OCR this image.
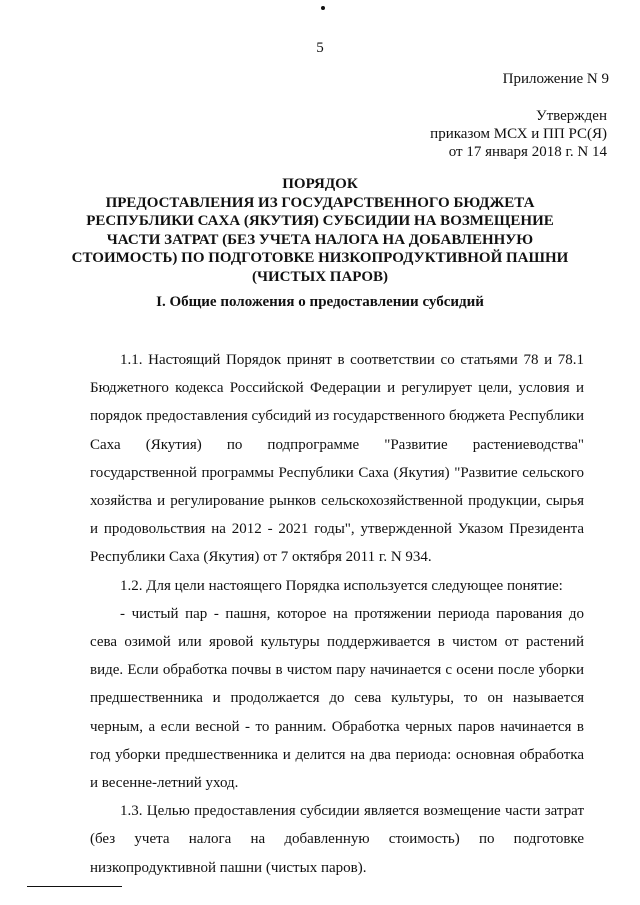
5
Приложение N 9
Утвержден
приказом МСХ и ПП РС(Я)
от 17 января 2018 г. N 14
ПОРЯДОК
ПРЕДОСТАВЛЕНИЯ ИЗ ГОСУДАРСТВЕННОГО БЮДЖЕТА
РЕСПУБЛИКИ САХА (ЯКУТИЯ) СУБСИДИИ НА ВОЗМЕЩЕНИЕ
ЧАСТИ ЗАТРАТ (БЕЗ УЧЕТА НАЛОГА НА ДОБАВЛЕННУЮ
СТОИМОСТЬ) ПО ПОДГОТОВКЕ НИЗКОПРОДУКТИВНОЙ ПАШНИ
(ЧИСТЫХ ПАРОВ)
I. Общие положения о предоставлении субсидий

1.1. Настоящий Порядок принят в соответствии со статьями 78 и 78.1 Бюджетного кодекса Российской Федерации и регулирует цели, условия и порядок предоставления субсидий из государственного бюджета Республики Саха (Якутия) по подпрограмме "Развитие растениеводства" государственной программы Республики Саха (Якутия) "Развитие сельского хозяйства и регулирование рынков сельскохозяйственной продукции, сырья и продовольствия на 2012 - 2021 годы", утвержденной Указом Президента Республики Саха (Якутия) от 7 октября 2011 г. N 934.

1.2. Для цели настоящего Порядка используется следующее понятие:

- чистый пар - пашня, которое на протяжении периода парования до сева озимой или яровой культуры поддерживается в чистом от растений виде. Если обработка почвы в чистом пару начинается с осени после уборки предшественника и продолжается до сева культуры, то он называется черным, а если весной - то ранним. Обработка черных паров начинается в год уборки предшественника и делится на два периода: основная обработка и весенне-летний уход.

1.3. Целью предоставления субсидии является возмещение части затрат (без учета налога на добавленную стоимость) по подготовке низкопродуктивной пашни (чистых паров).
